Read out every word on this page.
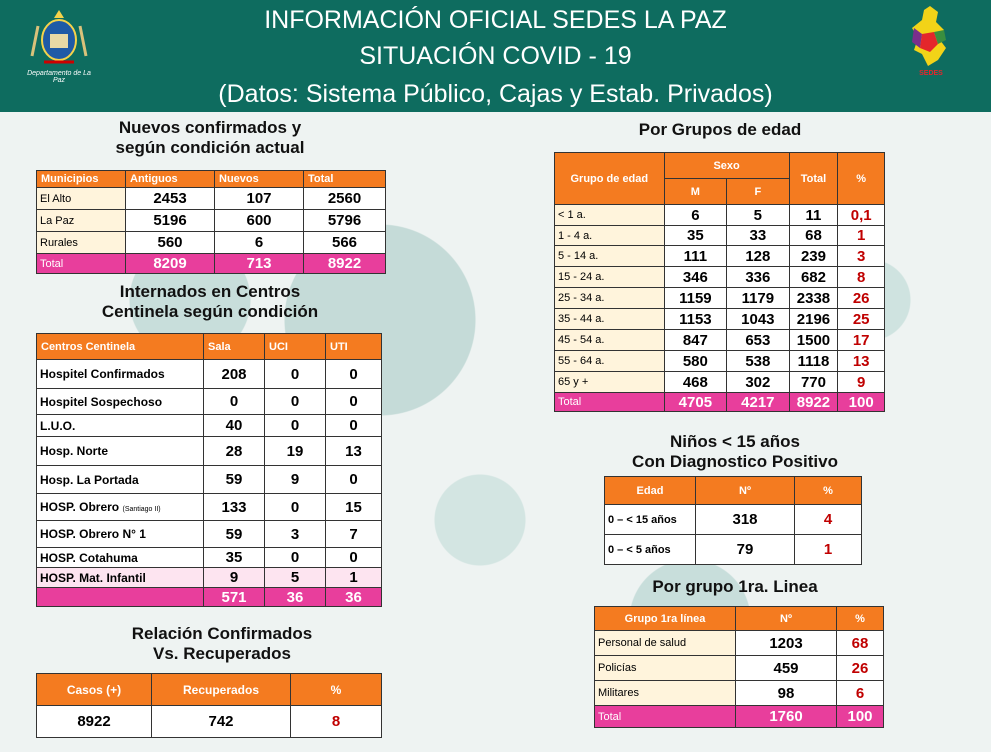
Departamento de La Paz
INFORMACIÓN OFICIAL SEDES LA PAZ
SITUACIÓN COVID - 19
(Datos: Sistema Público, Cajas y Estab. Privados)
SEDES
Nuevos confirmados y
según condición actual
Municipios	Antiguos	Nuevos	Total
El Alto	2453	107	2560
La Paz	5196	600	5796
Rurales	560	6	566
Total	8209	713	8922
Internados en Centros
Centinela según condición
Centros Centinela	Sala	UCI	UTI
Hospitel Confirmados	208	0	0
Hospitel Sospechoso	0	0	0
L.U.O.	40	0	0
Hosp. Norte	28	19	13
Hosp. La Portada	59	9	0
HOSP. Obrero (Santiago II)	133	0	15
HOSP. Obrero N° 1	59	3	7
HOSP. Cotahuma	35	0	0
HOSP. Mat. Infantil	9	5	1
	571	36	36
Relación Confirmados
Vs. Recuperados
Casos (+)	Recuperados	%
8922	742	8
Por Grupos de edad
Grupo de edad	Sexo		Total	%
	M	F		
< 1 a.	6	5	11	0,1
1 - 4 a.	35	33	68	1
5 - 14 a.	111	128	239	3
15 - 24 a.	346	336	682	8
25 - 34 a.	1159	1179	2338	26
35 - 44 a.	1153	1043	2196	25
45 - 54 a.	847	653	1500	17
55 - 64 a.	580	538	1118	13
65 y +	468	302	770	9
Total	4705	4217	8922	100
Niños < 15 años
Con Diagnostico Positivo
Edad	Nº	%
0 – < 15 años	318	4
0 – < 5 años	79	1
Por grupo 1ra. Linea
Grupo 1ra línea	Nº	%
Personal de salud	1203	68
Policías	459	26
Militares	98	6
Total	1760	100
